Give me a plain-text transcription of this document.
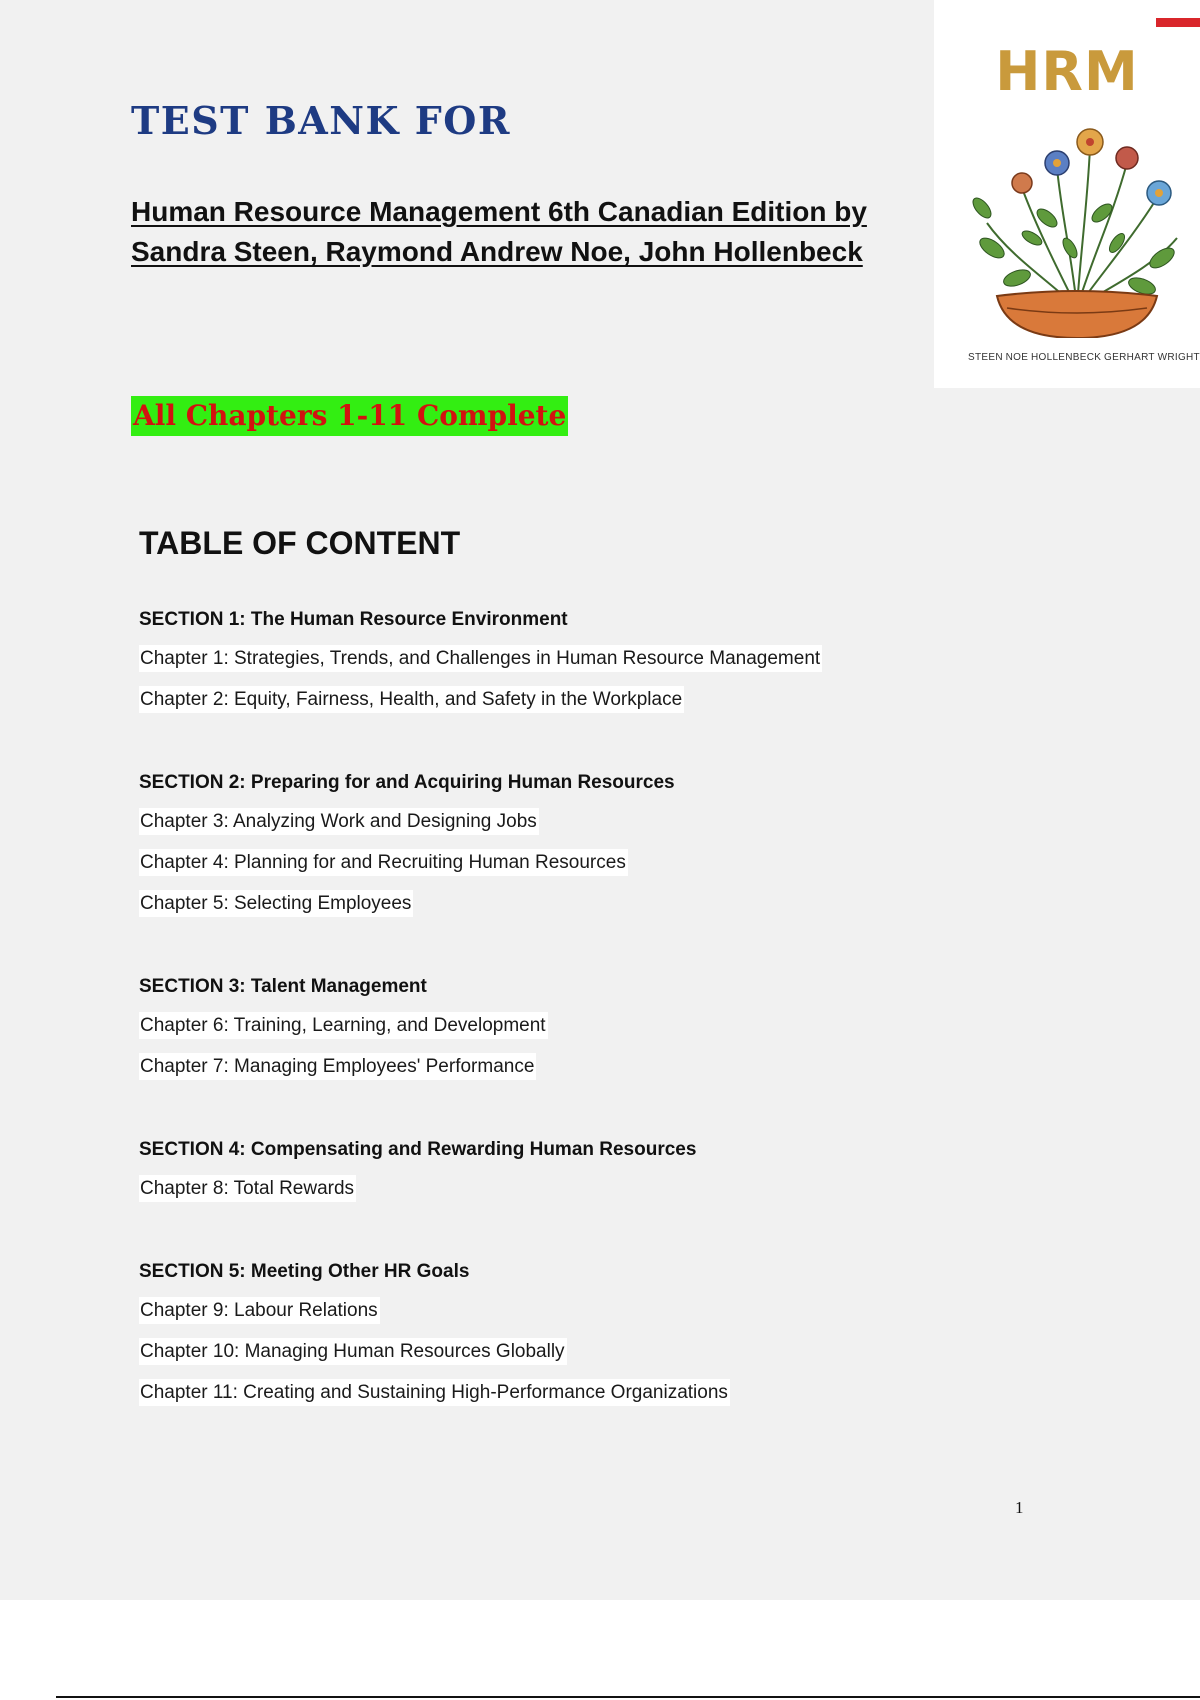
HRM
STEEN NOE HOLLENBECK GERHART WRIGHT
TEST BANK FOR
Human Resource Management 6th Canadian Edition by
Sandra Steen, Raymond Andrew Noe, John Hollenbeck
All Chapters 1-11 Complete
TABLE OF CONTENT
SECTION 1: The Human Resource Environment
Chapter 1: Strategies, Trends, and Challenges in Human Resource Management
Chapter 2: Equity, Fairness, Health, and Safety in the Workplace
SECTION 2: Preparing for and Acquiring Human Resources
Chapter 3: Analyzing Work and Designing Jobs
Chapter 4: Planning for and Recruiting Human Resources
Chapter 5: Selecting Employees
SECTION 3: Talent Management
Chapter 6: Training, Learning, and Development
Chapter 7: Managing Employees' Performance
SECTION 4: Compensating and Rewarding Human Resources
Chapter 8: Total Rewards
SECTION 5: Meeting Other HR Goals
Chapter 9: Labour Relations
Chapter 10: Managing Human Resources Globally
Chapter 11: Creating and Sustaining High-Performance Organizations
1
